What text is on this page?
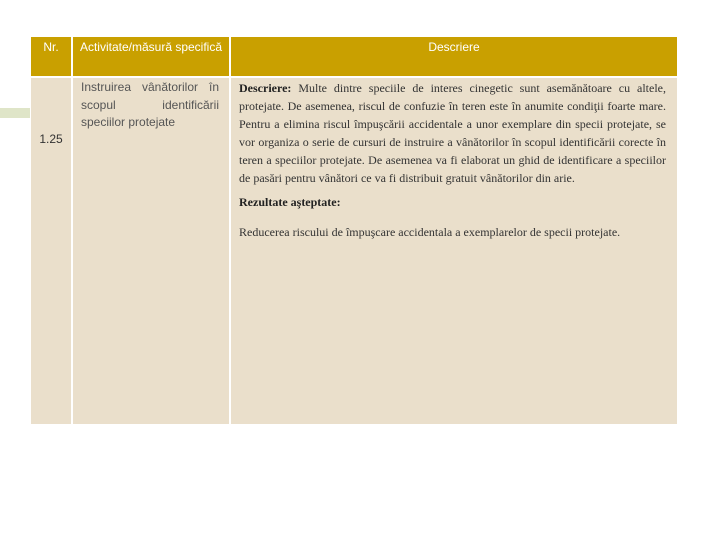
Nr.	Activitate/măsură specifică	Descriere
1.25
Instruirea vânătorilor în scopul identificării speciilor protejate

Descriere: Multe dintre speciile de interes cinegetic sunt asemănătoare cu altele, protejate. De asemenea, riscul de confuzie în teren este în anumite condiţii foarte mare. Pentru a elimina riscul împuşcării accidentale a unor exemplare din specii protejate, se vor organiza o serie de cursuri de instruire a vânătorilor în scopul identificării corecte în teren a speciilor protejate. De asemenea va fi elaborat un ghid de identificare a speciilor de pasări pentru vânători ce va fi distribuit gratuit vânătorilor din arie.

Rezultate aşteptate:

Reducerea riscului de împuşcare accidentala a exemplarelor de specii protejate.
